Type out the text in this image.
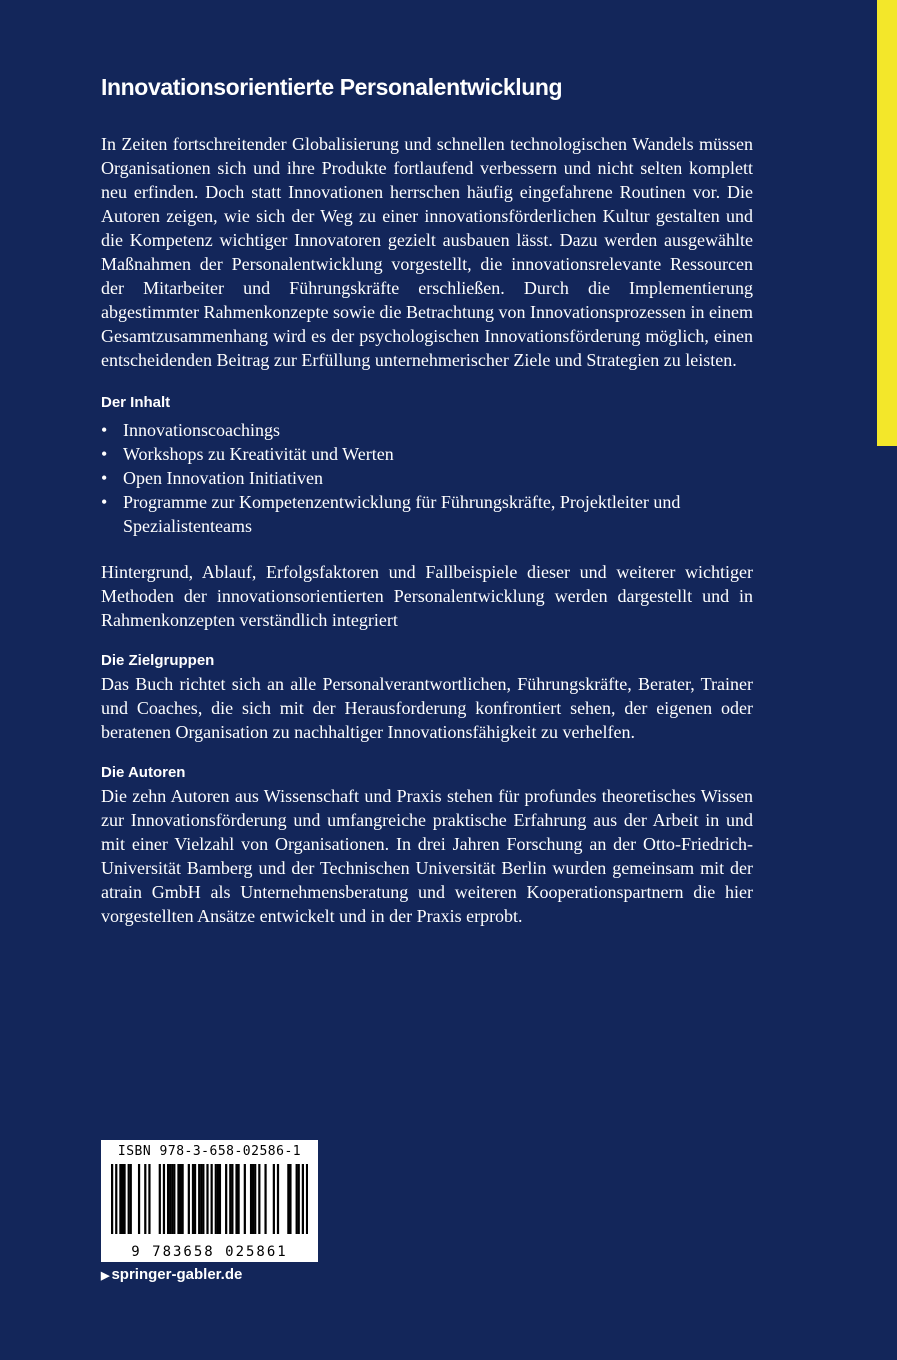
Innovationsorientierte Personalentwicklung

In Zeiten fortschreitender Globalisierung und schnellen technologischen Wandels müssen Organisationen sich und ihre Produkte fortlaufend verbessern und nicht selten komplett neu erfinden. Doch statt Innovationen herrschen häufig eingefahrene Routinen vor. Die Autoren zeigen, wie sich der Weg zu einer innovationsförderlichen Kultur gestalten und die Kompetenz wichtiger Innovatoren gezielt ausbauen lässt. Dazu werden ausgewählte Maßnahmen der Personalentwicklung vorgestellt, die innovationsrelevante Ressourcen der Mitarbeiter und Führungskräfte erschließen. Durch die Implementierung abgestimmter Rahmenkonzepte sowie die Betrachtung von Innovationsprozessen in einem Gesamtzusammenhang wird es der psychologischen Innovationsförderung möglich, einen entscheidenden Beitrag zur Erfüllung unternehmerischer Ziele und Strategien zu leisten.

Der Inhalt
• Innovationscoachings
• Workshops zu Kreativität und Werten
• Open Innovation Initiativen
• Programme zur Kompetenzentwicklung für Führungskräfte, Projektleiter und Spezialistenteams

Hintergrund, Ablauf, Erfolgsfaktoren und Fallbeispiele dieser und weiterer wichtiger Methoden der innovationsorientierten Personalentwicklung werden dargestellt und in Rahmenkonzepten verständlich integriert

Die Zielgruppen

Das Buch richtet sich an alle Personalverantwortlichen, Führungskräfte, Berater, Trainer und Coaches, die sich mit der Herausforderung konfrontiert sehen, der eigenen oder beratenen Organisation zu nachhaltiger Innovationsfähigkeit zu verhelfen.

Die Autoren

Die zehn Autoren aus Wissenschaft und Praxis stehen für profundes theoretisches Wissen zur Innovationsförderung und umfangreiche praktische Erfahrung aus der Arbeit in und mit einer Vielzahl von Organisationen. In drei Jahren Forschung an der Otto-Friedrich-Universität Bamberg und der Technischen Universität Berlin wurden gemeinsam mit der atrain GmbH als Unternehmensberatung und weiteren Kooperationspartnern die hier vorgestellten Ansätze entwickelt und in der Praxis erprobt.

ISBN 978-3-658-02586-1
9 783658 025861
▶ springer-gabler.de
